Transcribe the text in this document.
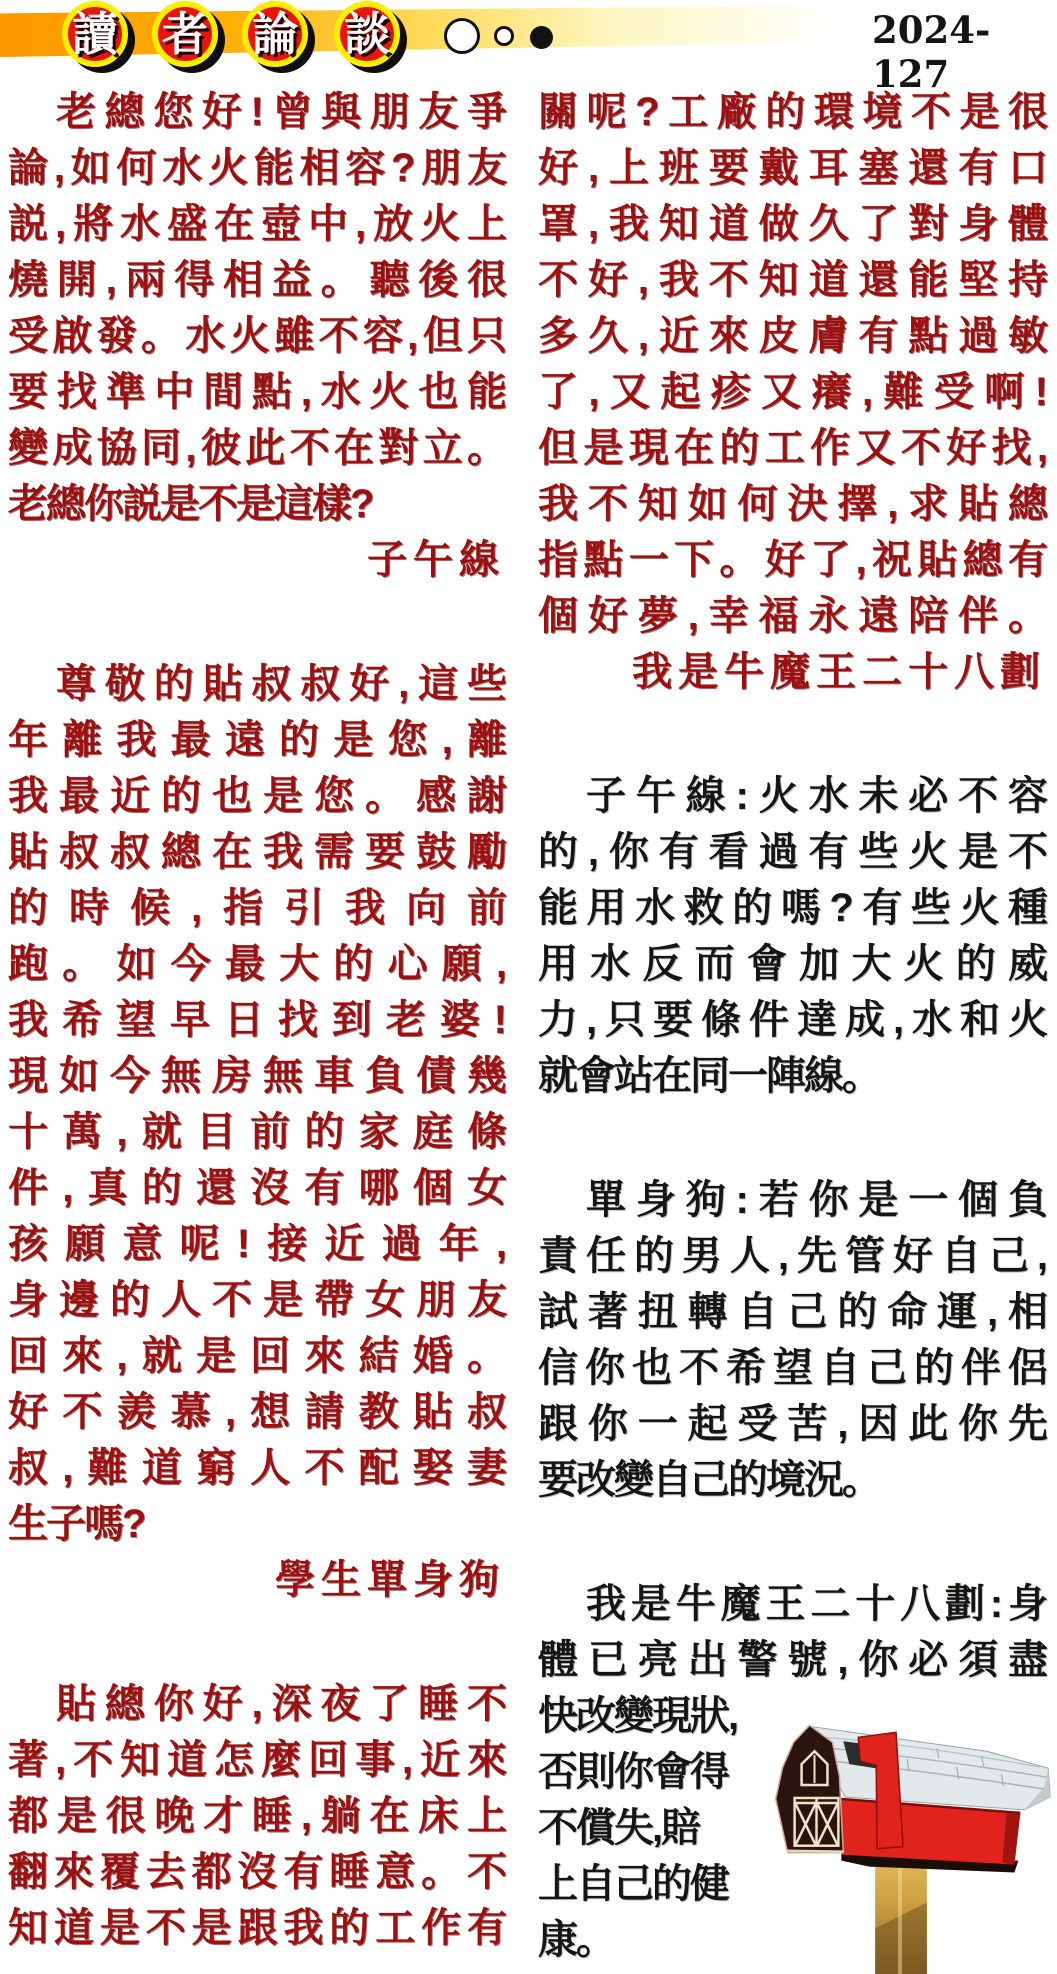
讀 者 論 談	2024-127
老總您好!曾與朋友爭
論,如何水火能相容?朋友
説,將水盛在壺中,放火上
燒開,兩得相益。聽後很
受啟發。水火雖不容,但只
要找準中間點,水火也能
變成協同,彼此不在對立。
老總你説是不是這樣?
子午線
尊敬的貼叔叔好,這些
年離我最遠的是您,離
我最近的也是您。感謝
貼叔叔總在我需要鼓勵
的時候,指引我向前
跑。如今最大的心願,
我希望早日找到老婆!
現如今無房無車負債幾
十萬,就目前的家庭條
件,真的還沒有哪個女
孩願意呢!接近過年,
身邊的人不是帶女朋友
回來,就是回來結婚。
好不羨慕,想請教貼叔
叔,難道窮人不配娶妻
生子嗎?
學生單身狗
貼總你好,深夜了睡不
著,不知道怎麼回事,近來
都是很晚才睡,躺在床上
翻來覆去都沒有睡意。不
知道是不是跟我的工作有
關呢?工廠的環境不是很
好,上班要戴耳塞還有口
罩,我知道做久了對身體
不好,我不知道還能堅持
多久,近來皮膚有點過敏
了,又起疹又癢,難受啊!
但是現在的工作又不好找,
我不知如何決擇,求貼總
指點一下。好了,祝貼總有
個好夢,幸福永遠陪伴。
我是牛魔王二十八劃
子午線:火水未必不容
的,你有看過有些火是不
能用水救的嗎?有些火種
用水反而會加大火的威
力,只要條件達成,水和火
就會站在同一陣線。
單身狗:若你是一個負
責任的男人,先管好自己,
試著扭轉自己的命運,相
信你也不希望自己的伴侶
跟你一起受苦,因此你先
要改變自己的境況。
我是牛魔王二十八劃:身
體已亮出警號,你必須盡
快改變現狀,
否則你會得
不償失,賠
上自己的健
康。
